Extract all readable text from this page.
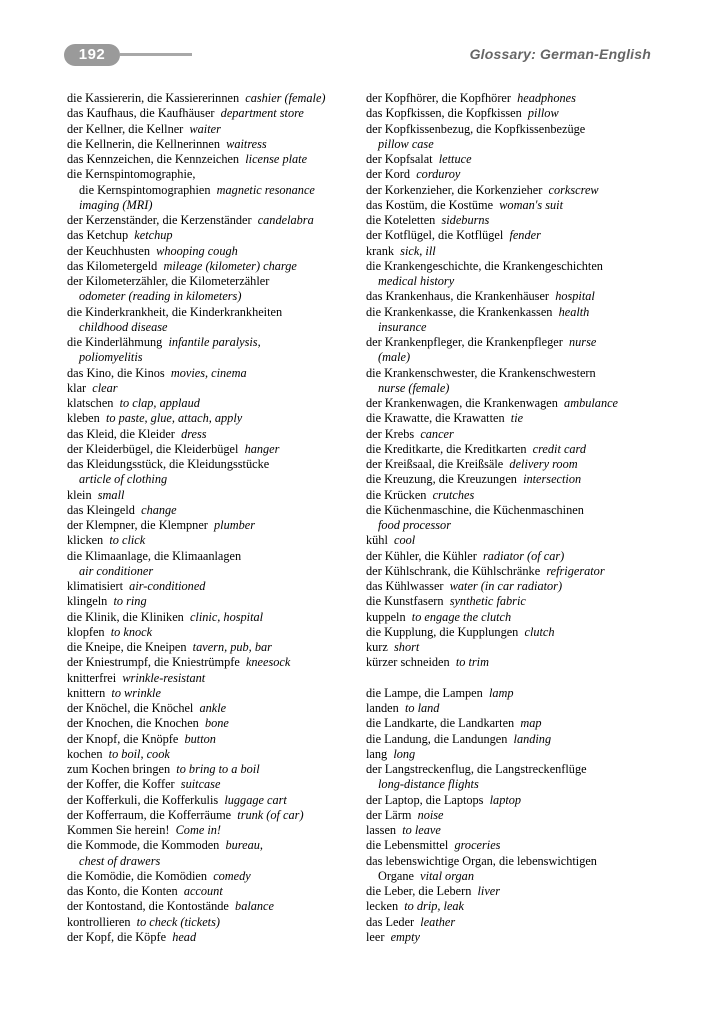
192	Glossary: German-English
die Kassiererin, die Kassiererinnen cashier (female)
das Kaufhaus, die Kaufhäuser department store
der Kellner, die Kellner waiter
die Kellnerin, die Kellnerinnen waitress
das Kennzeichen, die Kennzeichen license plate
die Kernspintomographie,
die Kernspintomographien magnetic resonance
imaging (MRI)
der Kerzenständer, die Kerzenständer candelabra
das Ketchup ketchup
der Keuchhusten whooping cough
das Kilometergeld mileage (kilometer) charge
der Kilometerzähler, die Kilometerzähler
odometer (reading in kilometers)
die Kinderkrankheit, die Kinderkrankheiten
childhood disease
die Kinderlähmung infantile paralysis,
poliomyelitis
das Kino, die Kinos movies, cinema
klar clear
klatschen to clap, applaud
kleben to paste, glue, attach, apply
das Kleid, die Kleider dress
der Kleiderbügel, die Kleiderbügel hanger
das Kleidungsstück, die Kleidungsstücke
article of clothing
klein small
das Kleingeld change
der Klempner, die Klempner plumber
klicken to click
die Klimaanlage, die Klimaanlagen
air conditioner
klimatisiert air-conditioned
klingeln to ring
die Klinik, die Kliniken clinic, hospital
klopfen to knock
die Kneipe, die Kneipen tavern, pub, bar
der Kniestrumpf, die Kniestrümpfe kneesock
knitterfrei wrinkle-resistant
knittern to wrinkle
der Knöchel, die Knöchel ankle
der Knochen, die Knochen bone
der Knopf, die Knöpfe button
kochen to boil, cook
zum Kochen bringen to bring to a boil
der Koffer, die Koffer suitcase
der Kofferkuli, die Kofferkulis luggage cart
der Kofferraum, die Kofferräume trunk (of car)
Kommen Sie herein! Come in!
die Kommode, die Kommoden bureau,
chest of drawers
die Komödie, die Komödien comedy
das Konto, die Konten account
der Kontostand, die Kontostände balance
kontrollieren to check (tickets)
der Kopf, die Köpfe head
der Kopfhörer, die Kopfhörer headphones
das Kopfkissen, die Kopfkissen pillow
der Kopfkissenbezug, die Kopfkissenbezüge
pillow case
der Kopfsalat lettuce
der Kord corduroy
der Korkenzieher, die Korkenzieher corkscrew
das Kostüm, die Kostüme woman's suit
die Koteletten sideburns
der Kotflügel, die Kotflügel fender
krank sick, ill
die Krankengeschichte, die Krankengeschichten
medical history
das Krankenhaus, die Krankenhäuser hospital
die Krankenkasse, die Krankenkassen health
insurance
der Krankenpfleger, die Krankenpfleger nurse
(male)
die Krankenschwester, die Krankenschwestern
nurse (female)
der Krankenwagen, die Krankenwagen ambulance
die Krawatte, die Krawatten tie
der Krebs cancer
die Kreditkarte, die Kreditkarten credit card
der Kreißsaal, die Kreißsäle delivery room
die Kreuzung, die Kreuzungen intersection
die Krücken crutches
die Küchenmaschine, die Küchenmaschinen
food processor
kühl cool
der Kühler, die Kühler radiator (of car)
der Kühlschrank, die Kühlschränke refrigerator
das Kühlwasser water (in car radiator)
die Kunstfasern synthetic fabric
kuppeln to engage the clutch
die Kupplung, die Kupplungen clutch
kurz short
kürzer schneiden to trim
die Lampe, die Lampen lamp
landen to land
die Landkarte, die Landkarten map
die Landung, die Landungen landing
lang long
der Langstreckenflug, die Langstreckenflüge
long-distance flights
der Laptop, die Laptops laptop
der Lärm noise
lassen to leave
die Lebensmittel groceries
das lebenswichtige Organ, die lebenswichtigen
Organe vital organ
die Leber, die Lebern liver
lecken to drip, leak
das Leder leather
leer empty
